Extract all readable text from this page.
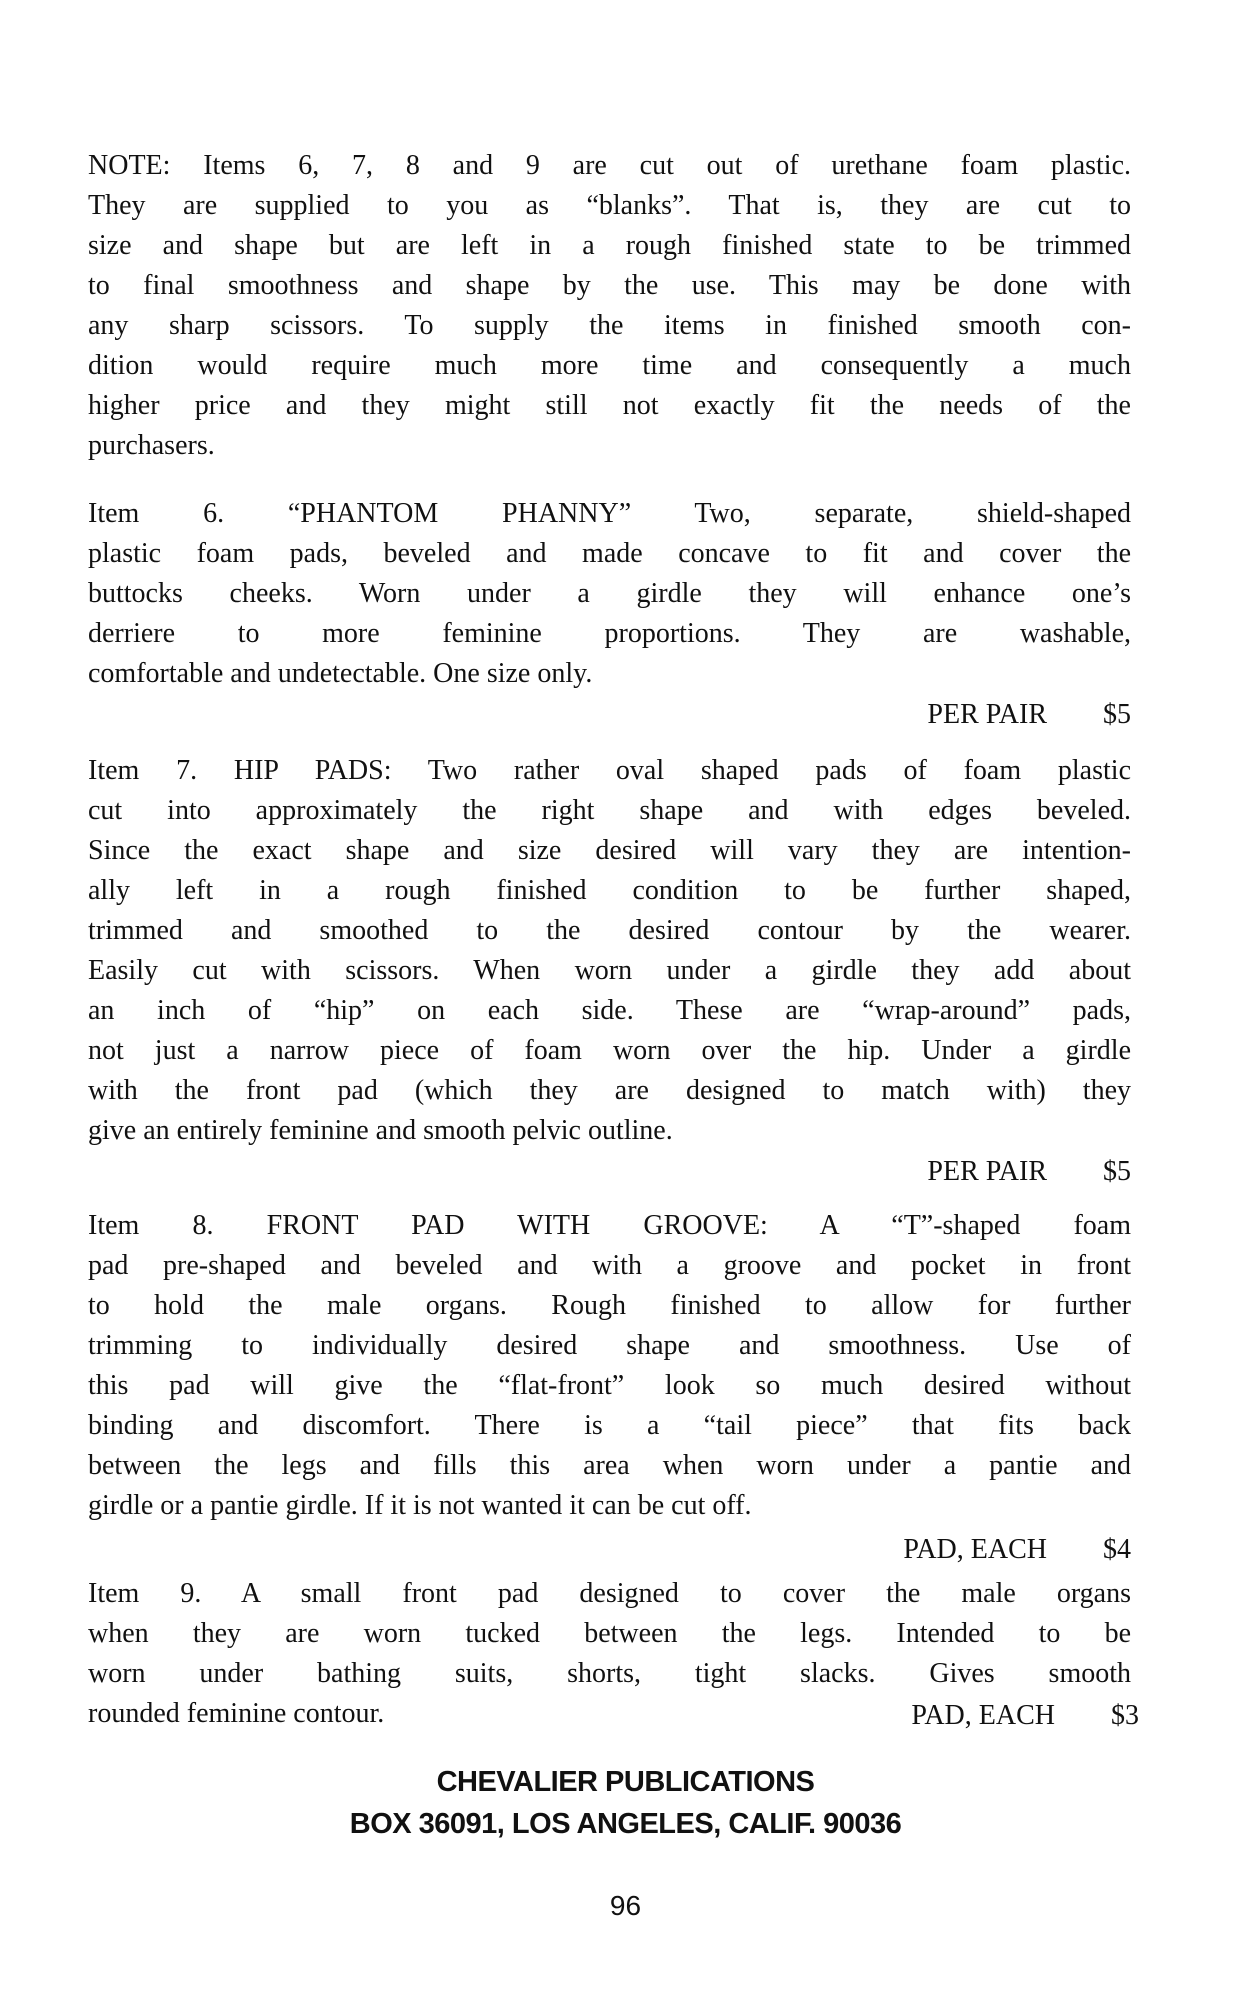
NOTE: Items 6, 7, 8 and 9 are cut out of urethane foam plastic.
They are supplied to you as “blanks”. That is, they are cut to
size and shape but are left in a rough finished state to be trimmed
to final smoothness and shape by the use. This may be done with
any sharp scissors. To supply the items in finished smooth con-
dition would require much more time and consequently a much
higher price and they might still not exactly fit the needs of the
purchasers.
Item 6. “PHANTOM PHANNY” Two, separate, shield-shaped
plastic foam pads, beveled and made concave to fit and cover the
buttocks cheeks. Worn under a girdle they will enhance one’s
derriere to more feminine proportions. They are washable,
comfortable and undetectable. One size only.
PER PAIR $5
Item 7. HIP PADS: Two rather oval shaped pads of foam plastic
cut into approximately the right shape and with edges beveled.
Since the exact shape and size desired will vary they are intention-
ally left in a rough finished condition to be further shaped,
trimmed and smoothed to the desired contour by the wearer.
Easily cut with scissors. When worn under a girdle they add about
an inch of “hip” on each side. These are “wrap-around” pads,
not just a narrow piece of foam worn over the hip. Under a girdle
with the front pad (which they are designed to match with) they
give an entirely feminine and smooth pelvic outline.
PER PAIR $5
Item 8. FRONT PAD WITH GROOVE: A “T”-shaped foam
pad pre-shaped and beveled and with a groove and pocket in front
to hold the male organs. Rough finished to allow for further
trimming to individually desired shape and smoothness. Use of
this pad will give the “flat-front” look so much desired without
binding and discomfort. There is a “tail piece” that fits back
between the legs and fills this area when worn under a pantie and
girdle or a pantie girdle. If it is not wanted it can be cut off.
PAD, EACH $4
Item 9. A small front pad designed to cover the male organs
when they are worn tucked between the legs. Intended to be
worn under bathing suits, shorts, tight slacks. Gives smooth
rounded feminine contour.	PAD, EACH $3
CHEVALIER PUBLICATIONS
BOX 36091, LOS ANGELES, CALIF. 90036
96
